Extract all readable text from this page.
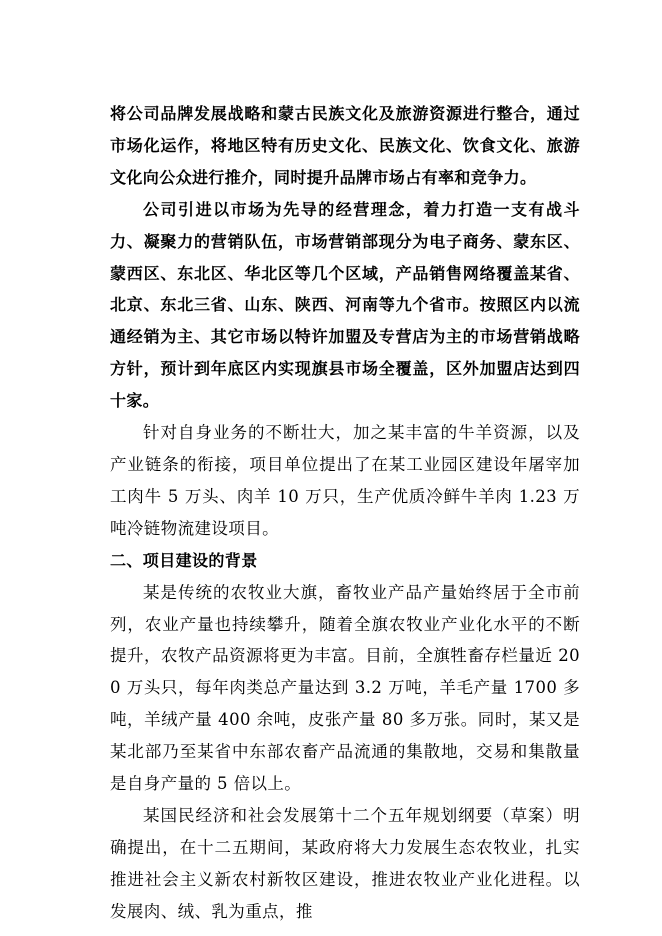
将公司品牌发展战略和蒙古民族文化及旅游资源进行整合，通过市场化运作，将地区特有历史文化、民族文化、饮食文化、旅游文化向公众进行推介，同时提升品牌市场占有率和竞争力。

公司引进以市场为先导的经营理念，着力打造一支有战斗力、凝聚力的营销队伍，市场营销部现分为电子商务、蒙东区、蒙西区、东北区、华北区等几个区域，产品销售网络覆盖某省、北京、东北三省、山东、陕西、河南等九个省市。按照区内以流通经销为主、其它市场以特许加盟及专营店为主的市场营销战略方针，预计到年底区内实现旗县市场全覆盖，区外加盟店达到四十家。

针对自身业务的不断壮大，加之某丰富的牛羊资源，以及产业链条的衔接，项目单位提出了在某工业园区建设年屠宰加工肉牛 5 万头、肉羊 10 万只，生产优质冷鲜牛羊肉 1.23 万吨冷链物流建设项目。

二、项目建设的背景

某是传统的农牧业大旗，畜牧业产品产量始终居于全市前列，农业产量也持续攀升，随着全旗农牧业产业化水平的不断提升，农牧产品资源将更为丰富。目前，全旗牲畜存栏量近 200 万头只，每年肉类总产量达到 3.2 万吨，羊毛产量 1700 多吨，羊绒产量 400 余吨，皮张产量 80 多万张。同时，某又是某北部乃至某省中东部农畜产品流通的集散地，交易和集散量是自身产量的 5 倍以上。

某国民经济和社会发展第十二个五年规划纲要（草案）明确提出，在十二五期间，某政府将大力发展生态农牧业，扎实推进社会主义新农村新牧区建设，推进农牧业产业化进程。以发展肉、绒、乳为重点，推
